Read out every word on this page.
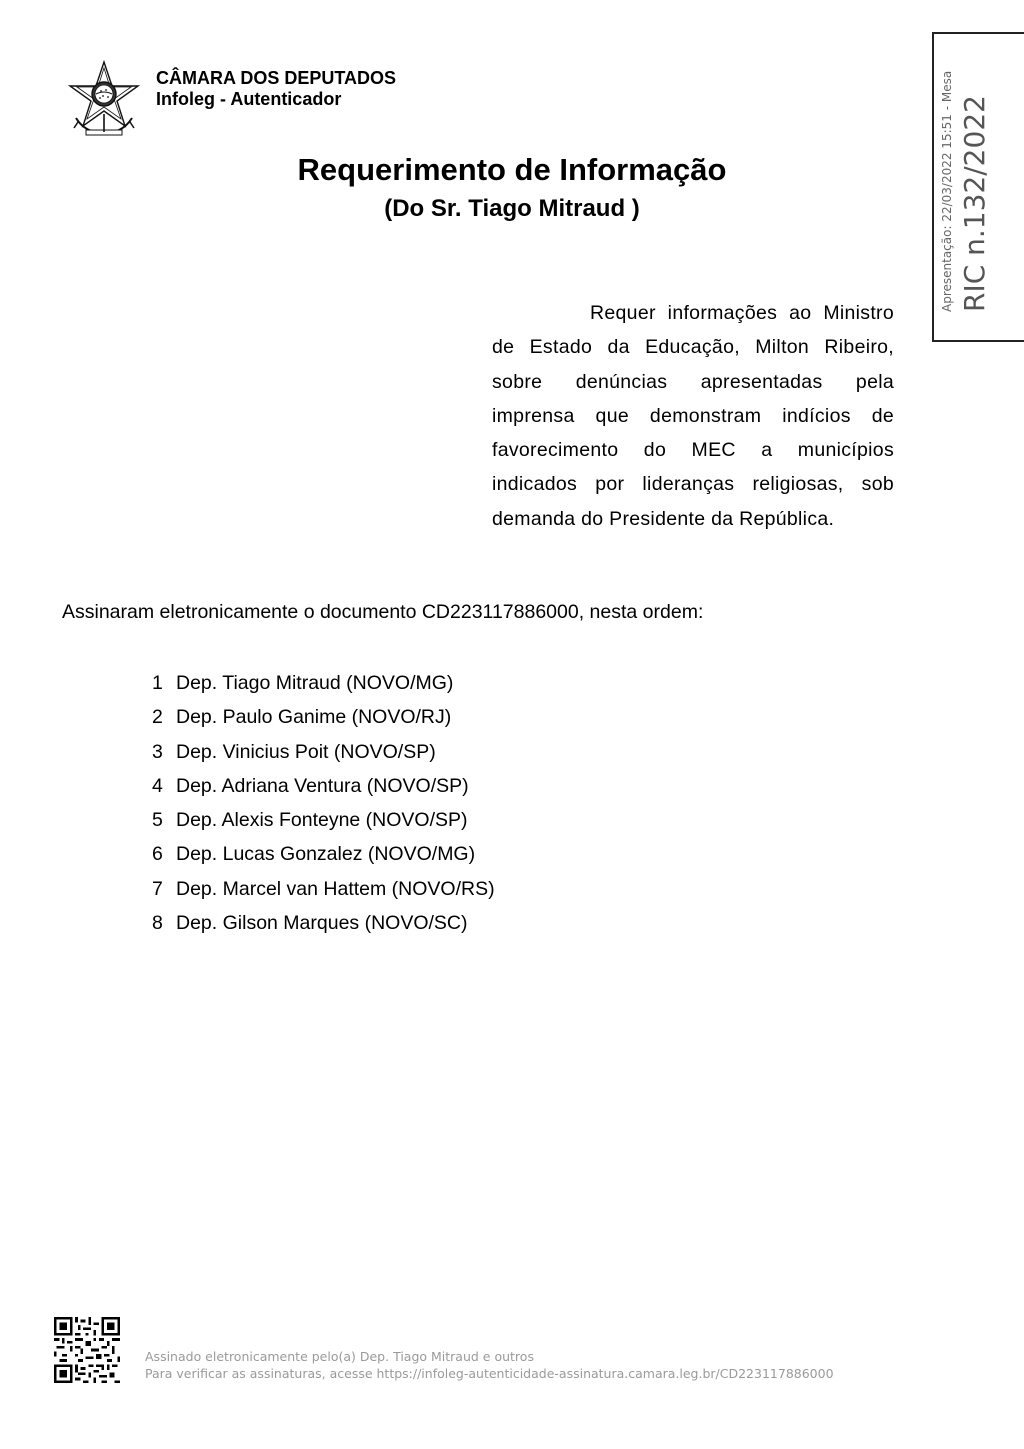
CÂMARA DOS DEPUTADOS
Infoleg - Autenticador	RIC n.132/2022
Apresentação: 22/03/2022 15:51 - Mesa
Requerimento de Informação
(Do Sr. Tiago Mitraud )
Requer informações ao Ministro de Estado da Educação, Milton Ribeiro, sobre denúncias apresentadas pela imprensa que demonstram indícios de favorecimento do MEC a municípios indicados por lideranças religiosas, sob demanda do Presidente da República.
Assinaram eletronicamente o documento CD223117886000, nesta ordem:
1 Dep. Tiago Mitraud (NOVO/MG)
2 Dep. Paulo Ganime (NOVO/RJ)
3 Dep. Vinicius Poit (NOVO/SP)
4 Dep. Adriana Ventura (NOVO/SP)
5 Dep. Alexis Fonteyne (NOVO/SP)
6 Dep. Lucas Gonzalez (NOVO/MG)
7 Dep. Marcel van Hattem (NOVO/RS)
8 Dep. Gilson Marques (NOVO/SC)
Assinado eletronicamente pelo(a) Dep. Tiago Mitraud e outros
Para verificar as assinaturas, acesse https://infoleg-autenticidade-assinatura.camara.leg.br/CD223117886000
